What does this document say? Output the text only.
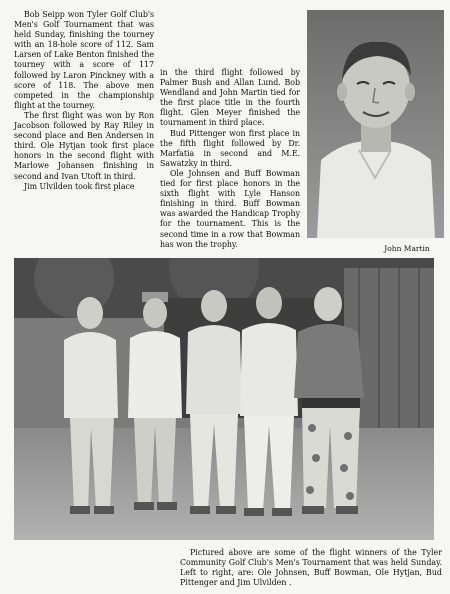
Bob Seipp won Tyler Golf Club's Men's Golf Tournament that was held Sunday, finishing the tourney with an 18-hole score of 112. Sam Larsen of Lake Benton finished the tourney with a score of 117 followed by Laron Pinckney with a score of 118. The above men competed in the championship flight at the tourney.

The first flight was won by Ron Jacobson followed by Ray Riley in second place and Ben Andersen in third. Ole Hytjan took first place honors in the second flight with Marlowe Johansen finishing in second and Ivan Utoft in third.

Jim Ulvilden took first place

in the third flight followed by Palmer Bush and Allan Lund. Bob Wendland and John Martin tied for the first place title in the fourth flight. Glen Meyer finished the tournament in third place.

Bud Pittenger won first place in the fifth flight followed by Dr. Marfatia in second and M.E. Sawatzky in third.

Ole Johnsen and Buff Bowman tied for first place honors in the sixth flight with Lyle Hanson finishing in third. Buff Bowman was awarded the Handicap Trophy for the tournament. This is the second time in a row that Bowman has won the trophy.	John Martin

Pictured above are some of the flight winners of the Tyler Community Golf Club's Men's Tournament that was held Sunday. Left to right, are: Ole Johnsen, Buff Bowman, Ole Hytjan, Bud Pittenger and Jim Ulvilden .
